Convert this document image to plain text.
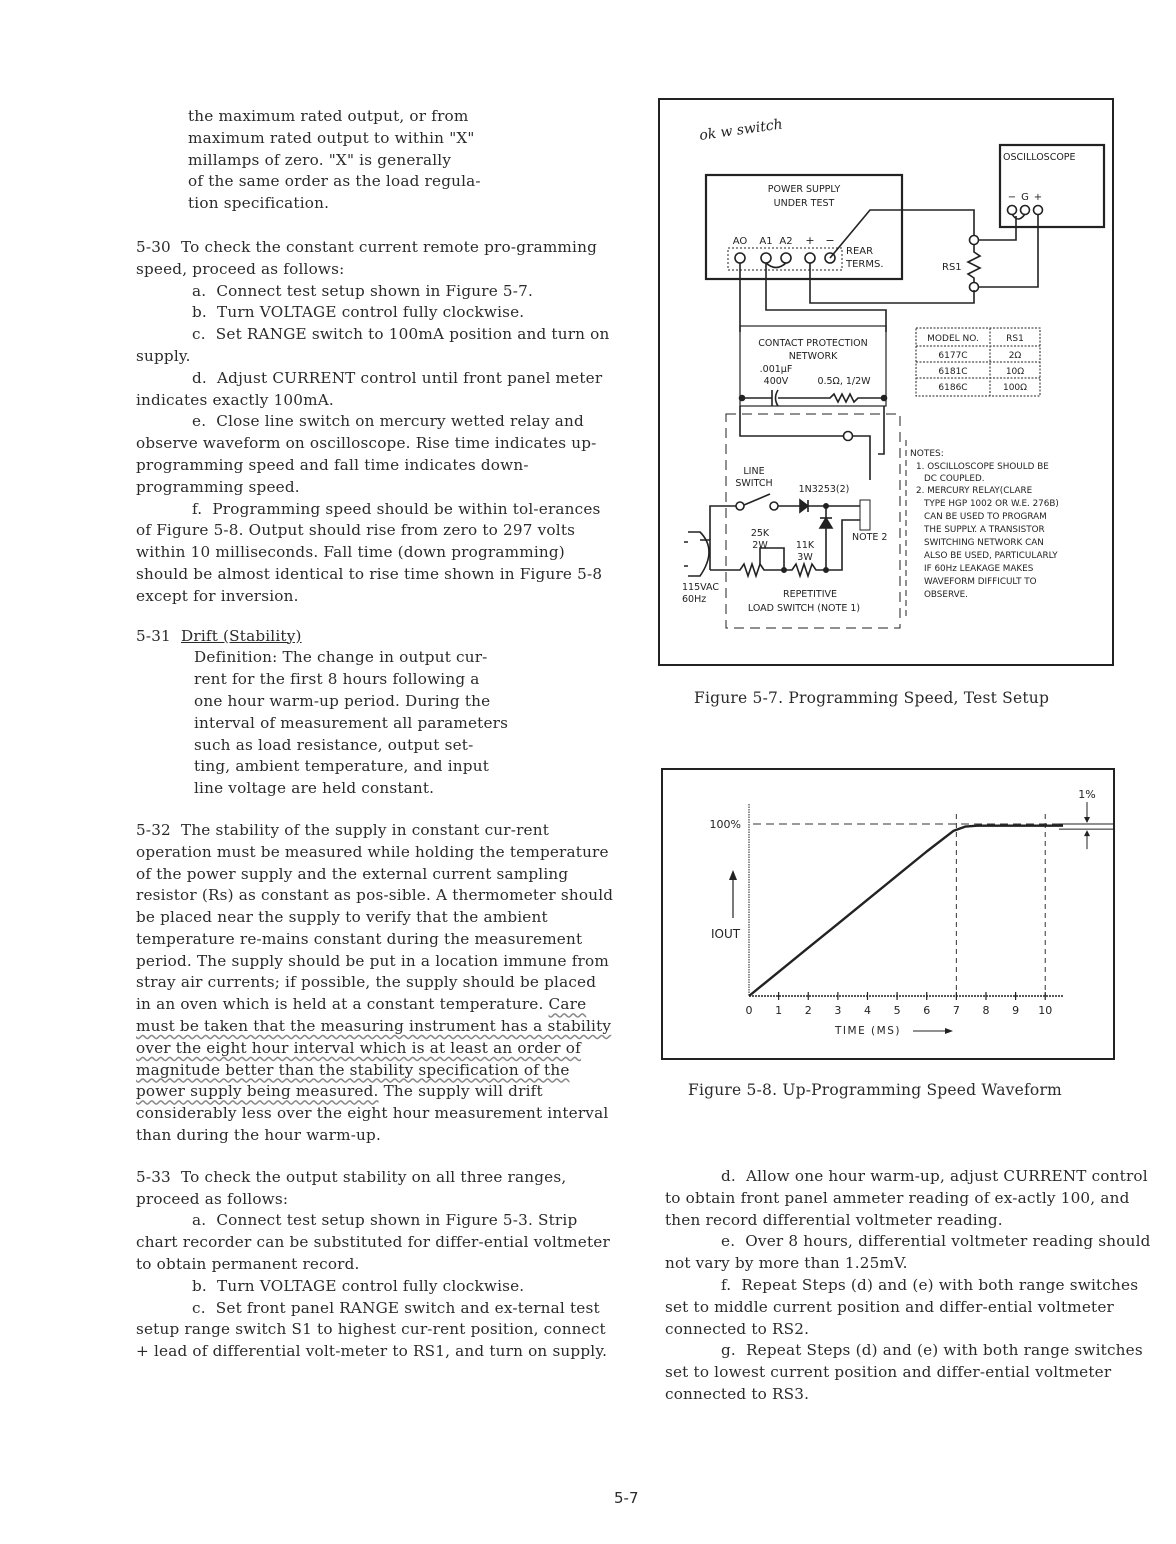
the maximum rated output, or from

maximum rated output to within "X"

millamps of zero. "X" is generally

of the same order as the load regula-

tion specification.

5-30 To check the constant current remote pro-gramming speed, proceed as follows:

a. Connect test setup shown in Figure 5-7.

b. Turn VOLTAGE control fully clockwise.

c. Set RANGE switch to 100mA position and turn on supply.

d. Adjust CURRENT control until front panel meter indicates exactly 100mA.

e. Close line switch on mercury wetted relay and observe waveform on oscilloscope. Rise time indicates up-programming speed and fall time indicates down-programming speed.

f. Programming speed should be within tol-erances of Figure 5-8. Output should rise from zero to 297 volts within 10 milliseconds. Fall time (down programming) should be almost identical to rise time shown in Figure 5-8 except for inversion.

5-31 Drift (Stability)

Definition: The change in output cur-

rent for the first 8 hours following a

one hour warm-up period. During the

interval of measurement all parameters

such as load resistance, output set-

ting, ambient temperature, and input

line voltage are held constant.

5-32 The stability of the supply in constant cur-rent operation must be measured while holding the temperature of the power supply and the external current sampling resistor (Rs) as constant as pos-sible. A thermometer should be placed near the supply to verify that the ambient temperature re-mains constant during the measurement period. The supply should be put in a location immune from stray air currents; if possible, the supply should be placed in an oven which is held at a constant temperature. Care must be taken that the measuring instrument has a stability over the eight hour interval which is at least an order of magnitude better than the stability specification of the power supply being measured. The supply will drift considerably less over the eight hour measurement interval than during the hour warm-up.

5-33 To check the output stability on all three ranges, proceed as follows:

a. Connect test setup shown in Figure 5-3. Strip chart recorder can be substituted for differ-ential voltmeter to obtain permanent record.

b. Turn VOLTAGE control fully clockwise.

c. Set front panel RANGE switch and ex-ternal test setup range switch S1 to highest cur-rent position, connect + lead of differential volt-meter to RS1, and turn on supply.

ok w switch
POWER SUPPLY
UNDER TEST
AO A1 A2 + −
REAR
TERMS.
OSCILLOSCOPE
− G +
RS1
MODEL NO.	RS1
6177C	2Ω
6181C	10Ω
6186C	100Ω
CONTACT PROTECTION
NETWORK
.001µF
400V	0.5Ω, 1/2W
LINE
SWITCH
1N3253(2)
25K
2W	11K
3W
NOTE 2
115VAC
60Hz	REPETITIVE
LOAD SWITCH (NOTE 1)
NOTES:
1. OSCILLOSCOPE SHOULD BE
DC COUPLED.
2. MERCURY RELAY(CLARE
TYPE HGP 1002 OR W.E. 276B)
CAN BE USED TO PROGRAM
THE SUPPLY. A TRANSISTOR
SWITCHING NETWORK CAN
ALSO BE USED, PARTICULARLY
IF 60Hz LEAKAGE MAKES
WAVEFORM DIFFICULT TO
OBSERVE.
Figure 5-7. Programming Speed, Test Setup
0 1 2 3 4 5 6 7 8 9 10
100%
IOUT
TIME (MS)
1%
Figure 5-8. Up-Programming Speed Waveform

d. Allow one hour warm-up, adjust CURRENT control to obtain front panel ammeter reading of ex-actly 100, and then record differential voltmeter reading.

e. Over 8 hours, differential voltmeter reading should not vary by more than 1.25mV.

f. Repeat Steps (d) and (e) with both range switches set to middle current position and differ-ential voltmeter connected to RS2.

g. Repeat Steps (d) and (e) with both range switches set to lowest current position and differ-ential voltmeter connected to RS3.

5-7
